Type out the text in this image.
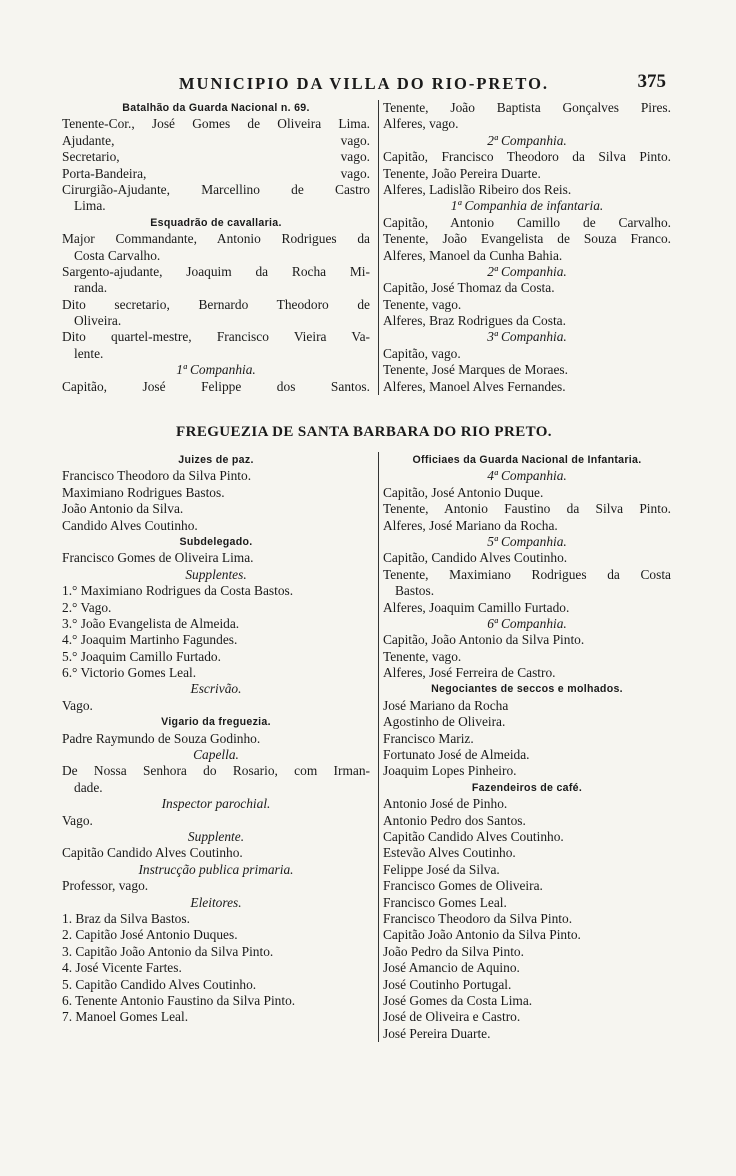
MUNICIPIO DA VILLA DO RIO-PRETO.	375
Batalhão da Guarda Nacional n. 69.
Tenente-Cor., José Gomes de Oliveira Lima.
Ajudante, vago.
Secretario, vago.
Porta-Bandeira, vago.
Cirurgião-Ajudante, Marcellino de Castro
Lima.
Esquadrão de cavallaria.
Major Commandante, Antonio Rodrigues da
Costa Carvalho.
Sargento-ajudante, Joaquim da Rocha Mi-
randa.
Dito secretario, Bernardo Theodoro de
Oliveira.
Dito quartel-mestre, Francisco Vieira Va-
lente.
1ª Companhia.
Capitão, José Felippe dos Santos.
Tenente, João Baptista Gonçalves Pires.
Alferes, vago.
2ª Companhia.
Capitão, Francisco Theodoro da Silva Pinto.
Tenente, João Pereira Duarte.
Alferes, Ladislão Ribeiro dos Reis.
1ª Companhia de infantaria.
Capitão, Antonio Camillo de Carvalho.
Tenente, João Evangelista de Souza Franco.
Alferes, Manoel da Cunha Bahia.
2ª Companhia.
Capitão, José Thomaz da Costa.
Tenente, vago.
Alferes, Braz Rodrigues da Costa.
3ª Companhia.
Capitão, vago.
Tenente, José Marques de Moraes.
Alferes, Manoel Alves Fernandes.
FREGUEZIA DE SANTA BARBARA DO RIO PRETO.
Juizes de paz.
Francisco Theodoro da Silva Pinto.
Maximiano Rodrigues Bastos.
João Antonio da Silva.
Candido Alves Coutinho.
Subdelegado.
Francisco Gomes de Oliveira Lima.
Supplentes.
1.° Maximiano Rodrigues da Costa Bastos.
2.° Vago.
3.° João Evangelista de Almeida.
4.° Joaquim Martinho Fagundes.
5.° Joaquim Camillo Furtado.
6.° Victorio Gomes Leal.
Escrivão.
Vago.
Vigario da freguezia.
Padre Raymundo de Souza Godinho.
Capella.
De Nossa Senhora do Rosario, com Irman-
dade.
Inspector parochial.
Vago.
Supplente.
Capitão Candido Alves Coutinho.
Instrucção publica primaria.
Professor, vago.
Eleitores.
1. Braz da Silva Bastos.
2. Capitão José Antonio Duques.
3. Capitão João Antonio da Silva Pinto.
4. José Vicente Fartes.
5. Capitão Candido Alves Coutinho.
6. Tenente Antonio Faustino da Silva Pinto.
7. Manoel Gomes Leal.
Officiaes da Guarda Nacional de Infantaria.
4ª Companhia.
Capitão, José Antonio Duque.
Tenente, Antonio Faustino da Silva Pinto.
Alferes, José Mariano da Rocha.
5ª Companhia.
Capitão, Candido Alves Coutinho.
Tenente, Maximiano Rodrigues da Costa
Bastos.
Alferes, Joaquim Camillo Furtado.
6ª Companhia.
Capitão, João Antonio da Silva Pinto.
Tenente, vago.
Alferes, José Ferreira de Castro.
Negociantes de seccos e molhados.
José Mariano da Rocha
Agostinho de Oliveira.
Francisco Mariz.
Fortunato José de Almeida.
Joaquim Lopes Pinheiro.
Fazendeiros de café.
Antonio José de Pinho.
Antonio Pedro dos Santos.
Capitão Candido Alves Coutinho.
Estevão Alves Coutinho.
Felippe José da Silva.
Francisco Gomes de Oliveira.
Francisco Gomes Leal.
Francisco Theodoro da Silva Pinto.
Capitão João Antonio da Silva Pinto.
João Pedro da Silva Pinto.
José Amancio de Aquino.
José Coutinho Portugal.
José Gomes da Costa Lima.
José de Oliveira e Castro.
José Pereira Duarte.
